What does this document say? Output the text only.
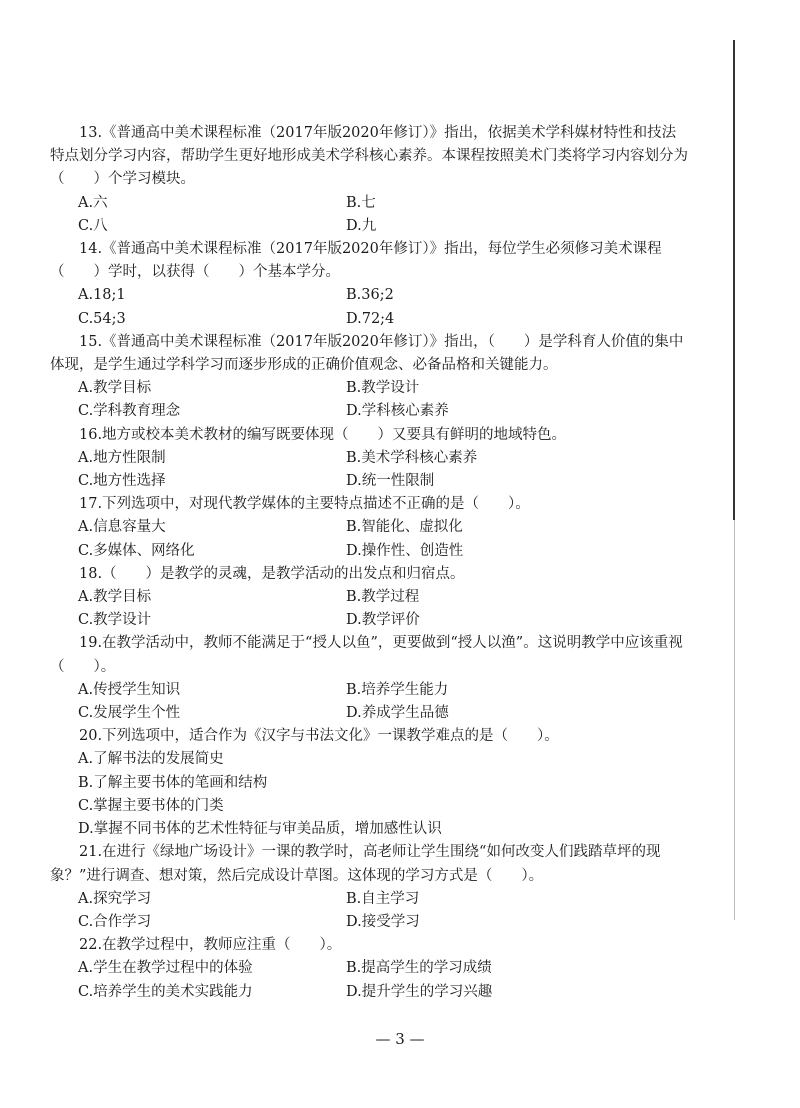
13.《普通高中美术课程标准（2017年版2020年修订）》指出，依据美术学科媒材特性和技法特点划分学习内容，帮助学生更好地形成美术学科核心素养。本课程按照美术门类将学习内容划分为（　　）个学习模块。

A.六	B.七
C.八	D.九

14.《普通高中美术课程标准（2017年版2020年修订）》指出，每位学生必须修习美术课程（　　）学时，以获得（　　）个基本学分。

A.18;1	B.36;2
C.54;3	D.72;4

15.《普通高中美术课程标准（2017年版2020年修订）》指出，（　　）是学科育人价值的集中体现，是学生通过学科学习而逐步形成的正确价值观念、必备品格和关键能力。

A.教学目标	B.教学设计
C.学科教育理念	D.学科核心素养

16.地方或校本美术教材的编写既要体现（　　）又要具有鲜明的地域特色。

A.地方性限制	B.美术学科核心素养
C.地方性选择	D.统一性限制

17.下列选项中，对现代教学媒体的主要特点描述不正确的是（　　）。

A.信息容量大	B.智能化、虚拟化
C.多媒体、网络化	D.操作性、创造性

18.（　　）是教学的灵魂，是教学活动的出发点和归宿点。

A.教学目标	B.教学过程
C.教学设计	D.教学评价

19.在教学活动中，教师不能满足于“授人以鱼”，更要做到“授人以渔”。这说明教学中应该重视（　　）。

A.传授学生知识	B.培养学生能力
C.发展学生个性	D.养成学生品德

20.下列选项中，适合作为《汉字与书法文化》一课教学难点的是（　　）。

A.了解书法的发展简史

B.了解主要书体的笔画和结构

C.掌握主要书体的门类

D.掌握不同书体的艺术性特征与审美品质，增加感性认识

21.在进行《绿地广场设计》一课的教学时，高老师让学生围绕“如何改变人们践踏草坪的现象？”进行调查、想对策，然后完成设计草图。这体现的学习方式是（　　）。

A.探究学习	B.自主学习
C.合作学习	D.接受学习

22.在教学过程中，教师应注重（　　）。

A.学生在教学过程中的体验	B.提高学生的学习成绩
C.培养学生的美术实践能力	D.提升学生的学习兴趣
— 3 —
